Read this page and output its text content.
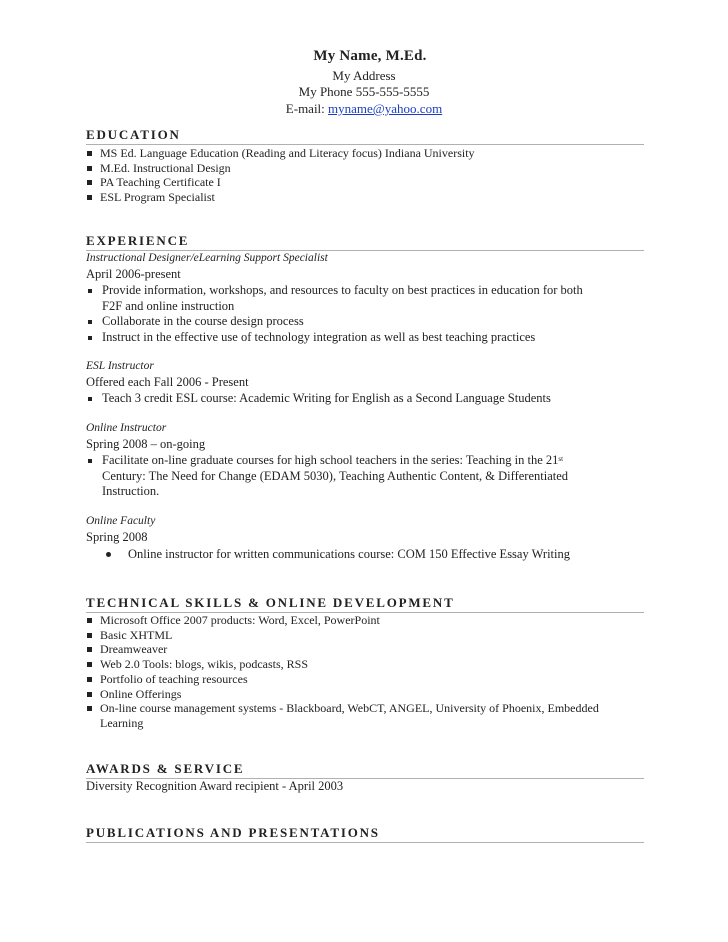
My Name, M.Ed.
My Address
My Phone 555-555-5555
E-mail: myname@yahoo.com
EDUCATION
MS Ed. Language Education (Reading and Literacy focus) Indiana University
M.Ed. Instructional Design
PA Teaching Certificate I
ESL Program Specialist
EXPERIENCE
Instructional Designer/eLearning Support Specialist
April 2006-present
Provide information, workshops, and resources to faculty on best practices in education for both
F2F and online instruction
Collaborate in the course design process
Instruct in the effective use of technology integration as well as best teaching practices
ESL Instructor
Offered each Fall 2006 - Present
Teach 3 credit ESL course: Academic Writing for English as a Second Language Students
Online Instructor
Spring 2008 – on-going
Facilitate on-line graduate courses for high school teachers in the series: Teaching in the 21st
Century: The Need for Change (EDAM 5030), Teaching Authentic Content, & Differentiated
Instruction.
Online Faculty
Spring 2008
Online instructor for written communications course: COM 150 Effective Essay Writing
TECHNICAL SKILLS & ONLINE DEVELOPMENT
Microsoft Office 2007 products: Word, Excel, PowerPoint
Basic XHTML
Dreamweaver
Web 2.0 Tools: blogs, wikis, podcasts, RSS
Portfolio of teaching resources
Online Offerings
On-line course management systems - Blackboard, WebCT, ANGEL, University of Phoenix, Embedded
Learning
AWARDS & SERVICE
Diversity Recognition Award recipient - April 2003
PUBLICATIONS AND PRESENTATIONS
